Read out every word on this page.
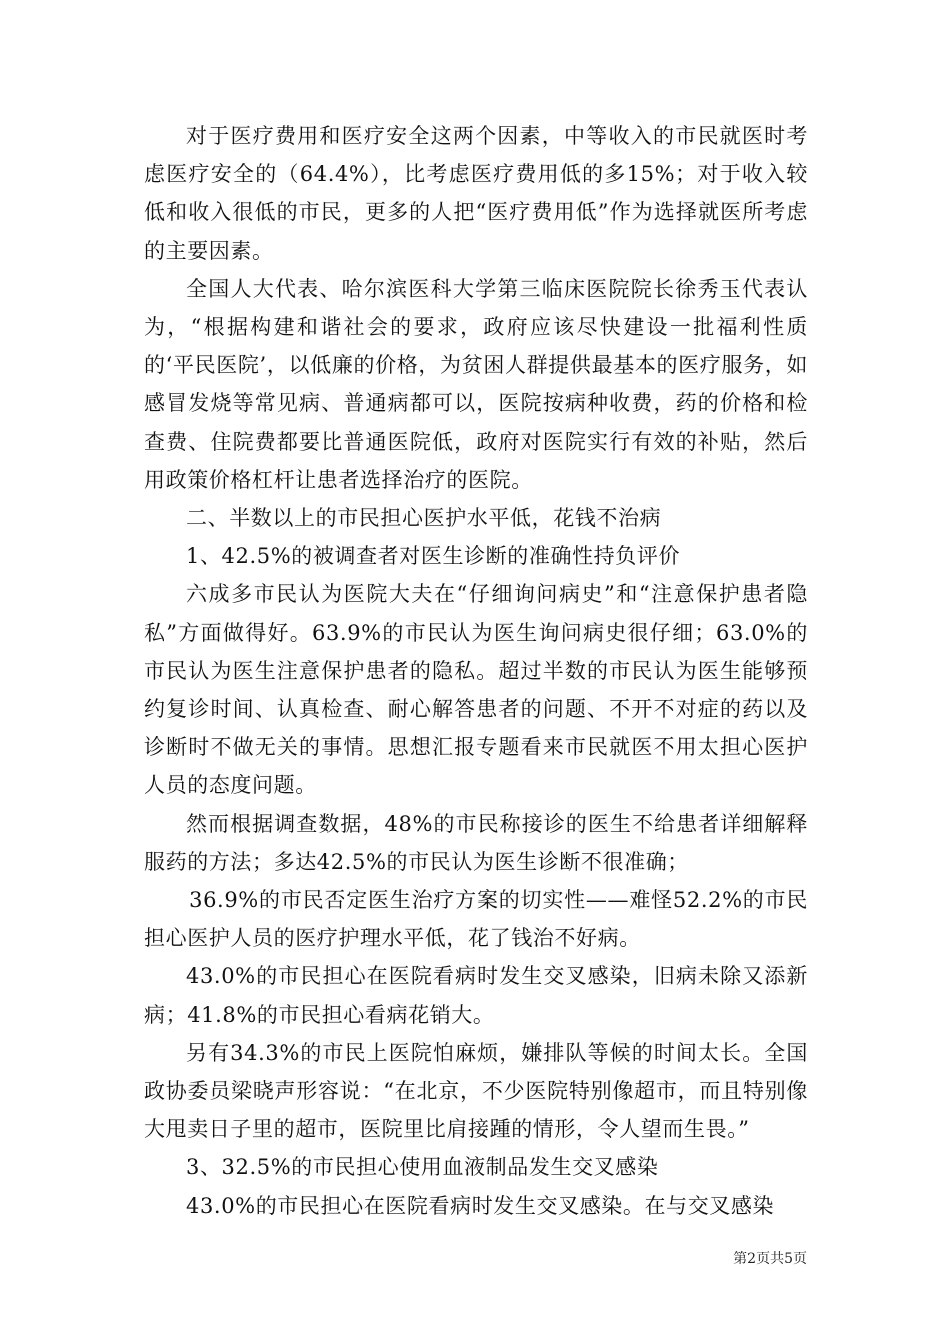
对于医疗费用和医疗安全这两个因素，中等收入的市民就医时考虑医疗安全的（64.4%），比考虑医疗费用低的多15%；对于收入较低和收入很低的市民，更多的人把“医疗费用低”作为选择就医所考虑的主要因素。

全国人大代表、哈尔滨医科大学第三临床医院院长徐秀玉代表认为，“根据构建和谐社会的要求，政府应该尽快建设一批福利性质的‘平民医院’，以低廉的价格，为贫困人群提供最基本的医疗服务，如感冒发烧等常见病、普通病都可以，医院按病种收费，药的价格和检查费、住院费都要比普通医院低，政府对医院实行有效的补贴，然后用政策价格杠杆让患者选择治疗的医院。

二、半数以上的市民担心医护水平低，花钱不治病

1、42.5%的被调查者对医生诊断的准确性持负评价

六成多市民认为医院大夫在“仔细询问病史”和“注意保护患者隐私”方面做得好。63.9%的市民认为医生询问病史很仔细；63.0%的市民认为医生注意保护患者的隐私。超过半数的市民认为医生能够预约复诊时间、认真检查、耐心解答患者的问题、不开不对症的药以及诊断时不做无关的事情。思想汇报专题看来市民就医不用太担心医护人员的态度问题。

然而根据调查数据，48%的市民称接诊的医生不给患者详细解释服药的方法；多达42.5%的市民认为医生诊断不很准确；

36.9%的市民否定医生治疗方案的切实性——难怪52.2%的市民担心医护人员的医疗护理水平低，花了钱治不好病。

43.0%的市民担心在医院看病时发生交叉感染，旧病未除又添新病；41.8%的市民担心看病花销大。

另有34.3%的市民上医院怕麻烦，嫌排队等候的时间太长。全国政协委员梁晓声形容说：“在北京，不少医院特别像超市，而且特别像大甩卖日子里的超市，医院里比肩接踵的情形，令人望而生畏。”

3、32.5%的市民担心使用血液制品发生交叉感染

43.0%的市民担心在医院看病时发生交叉感染。在与交叉感染

第2页共5页
